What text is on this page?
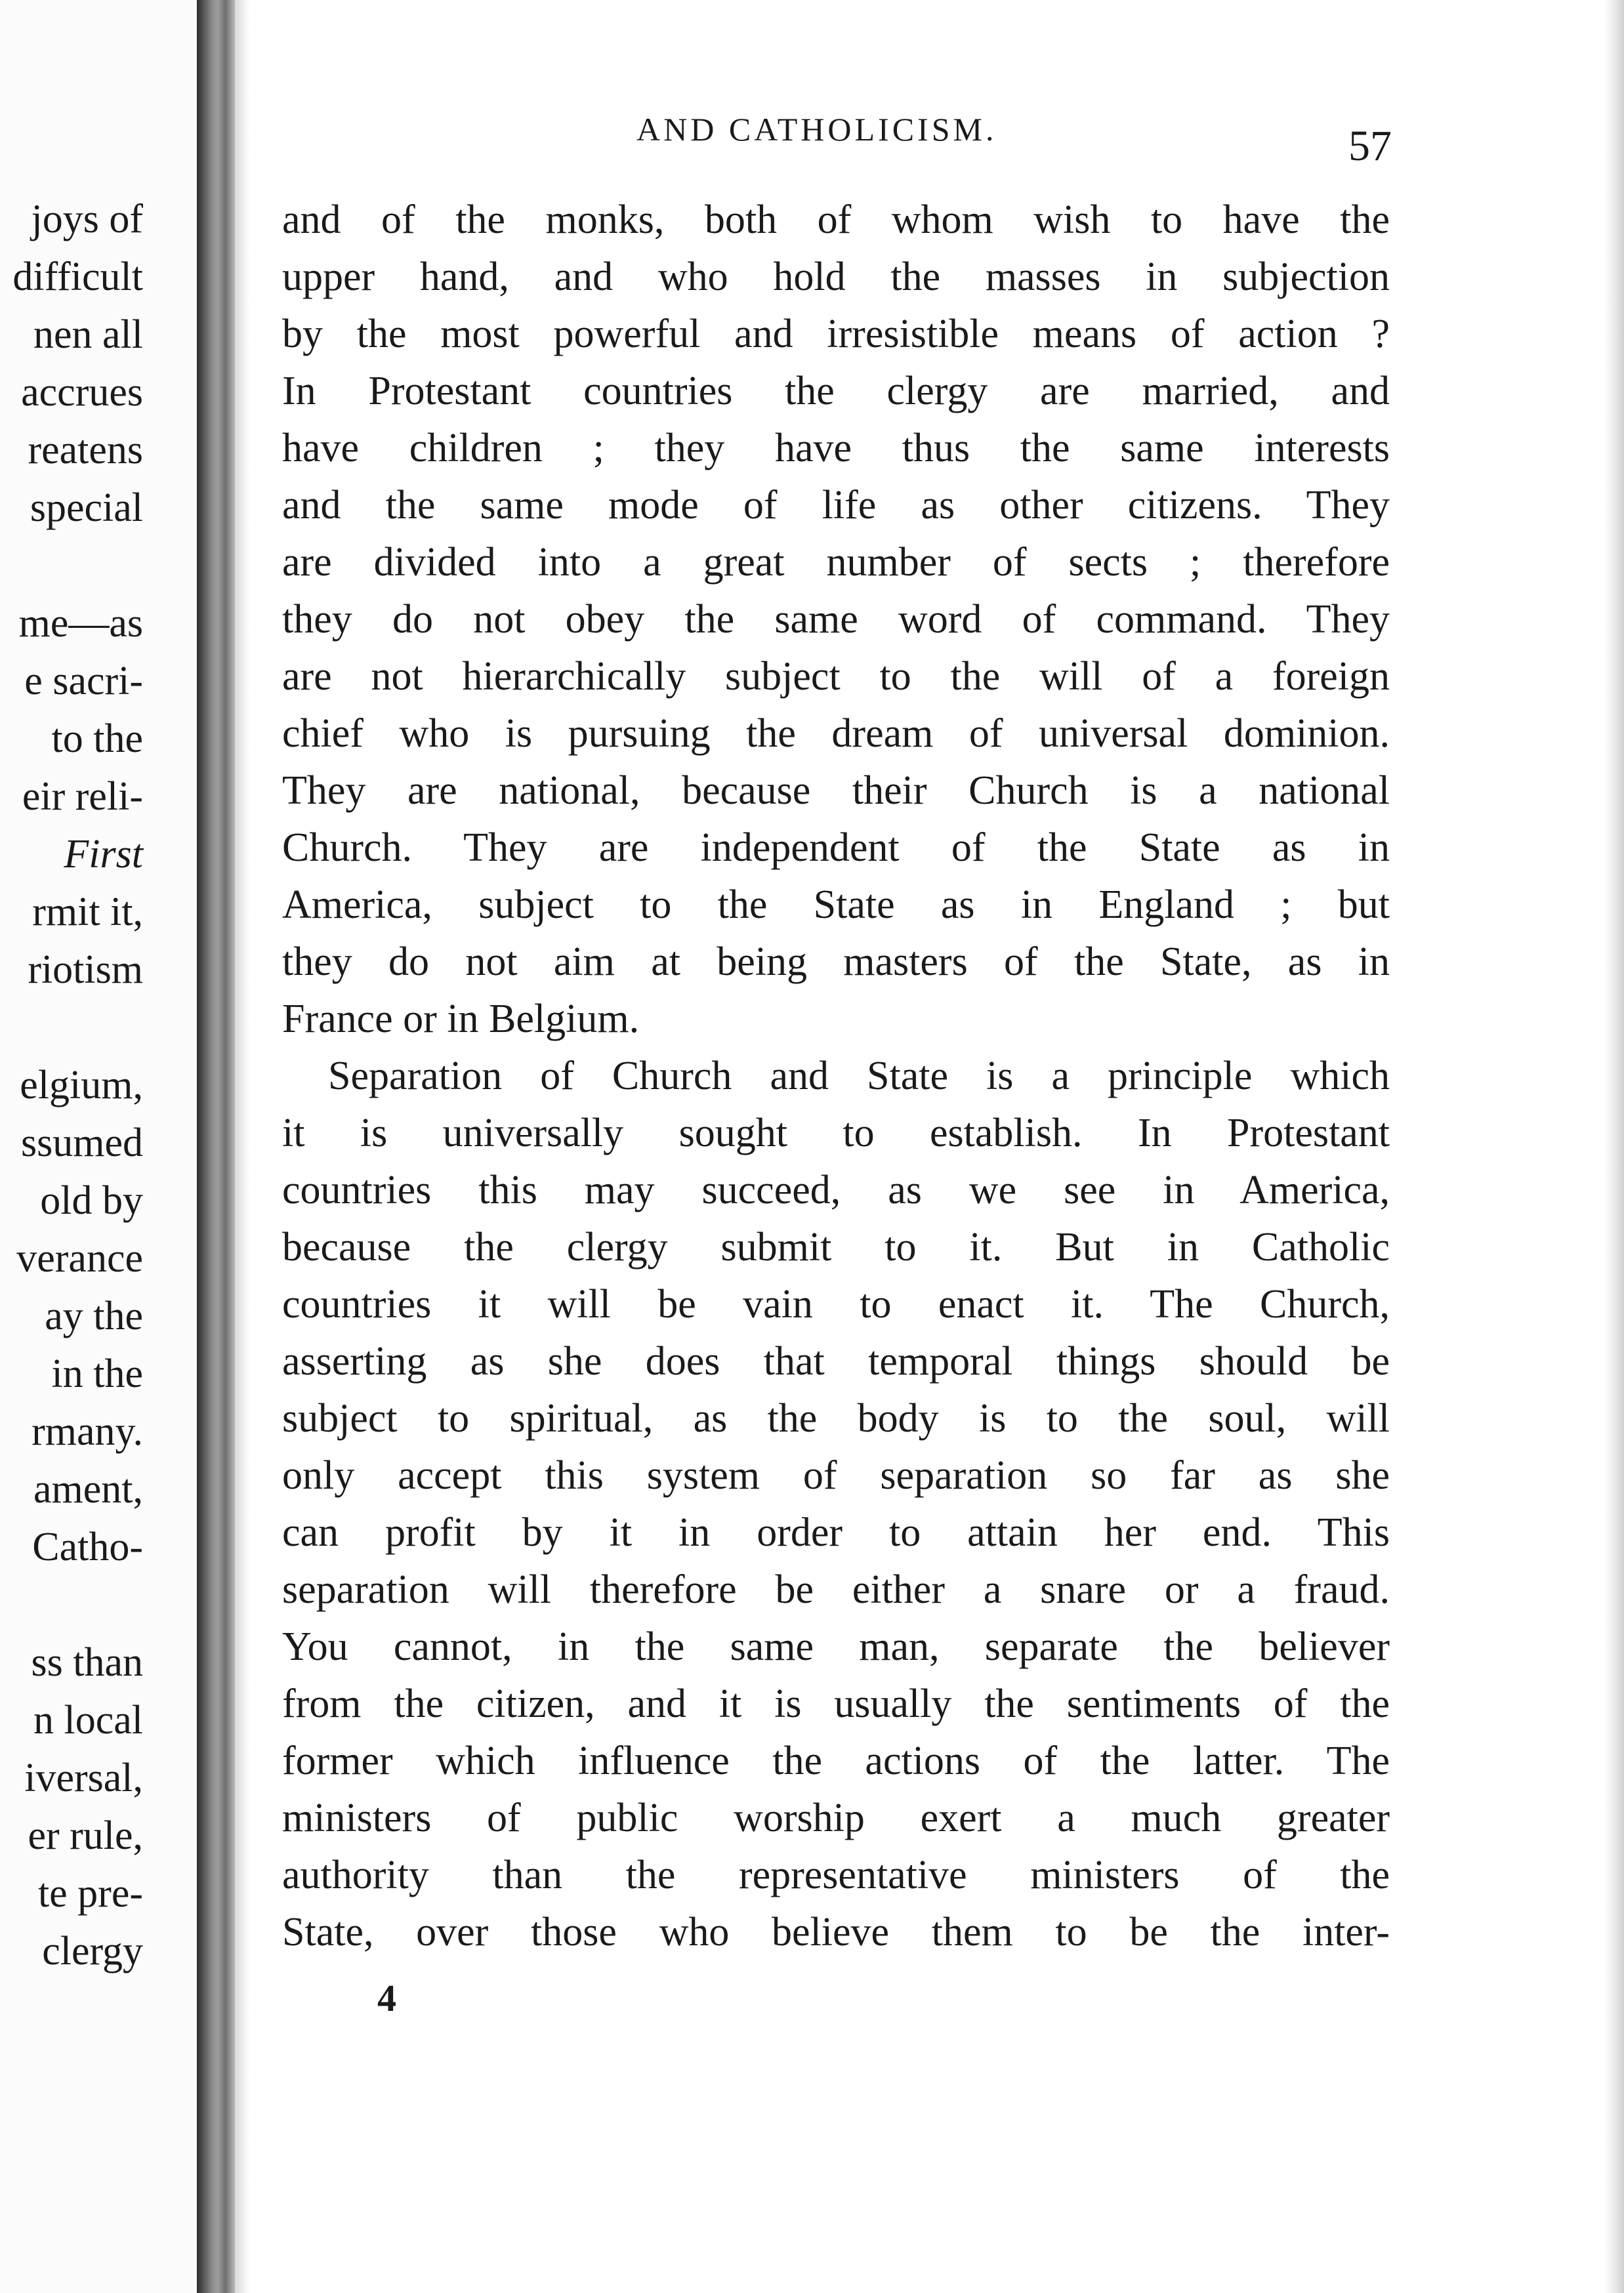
joys of
difficult
nen all
accrues
reatens
special
me—as
e sacri-
to the
eir reli-
First
rmit it,
riotism
elgium,
ssumed
old by
verance
ay the
in the
rmany.
ament,
Catho-
ss than
n local
iversal,
er rule,
te pre-
clergy
AND CATHOLICISM.	57
and of the monks, both of whom wish to have the
upper hand, and who hold the masses in subjection
by the most powerful and irresistible means of action ?
In Protestant countries the clergy are married, and
have children ; they have thus the same interests
and the same mode of life as other citizens. They
are divided into a great number of sects ; therefore
they do not obey the same word of command. They
are not hierarchically subject to the will of a foreign
chief who is pursuing the dream of universal dominion.
They are national, because their Church is a national
Church. They are independent of the State as in
America, subject to the State as in England ; but
they do not aim at being masters of the State, as in
France or in Belgium.
Separation of Church and State is a principle which
it is universally sought to establish. In Protestant
countries this may succeed, as we see in America,
because the clergy submit to it. But in Catholic
countries it will be vain to enact it. The Church,
asserting as she does that temporal things should be
subject to spiritual, as the body is to the soul, will
only accept this system of separation so far as she
can profit by it in order to attain her end. This
separation will therefore be either a snare or a fraud.
You cannot, in the same man, separate the believer
from the citizen, and it is usually the sentiments of the
former which influence the actions of the latter. The
ministers of public worship exert a much greater
authority than the representative ministers of the
State, over those who believe them to be the inter-
4
